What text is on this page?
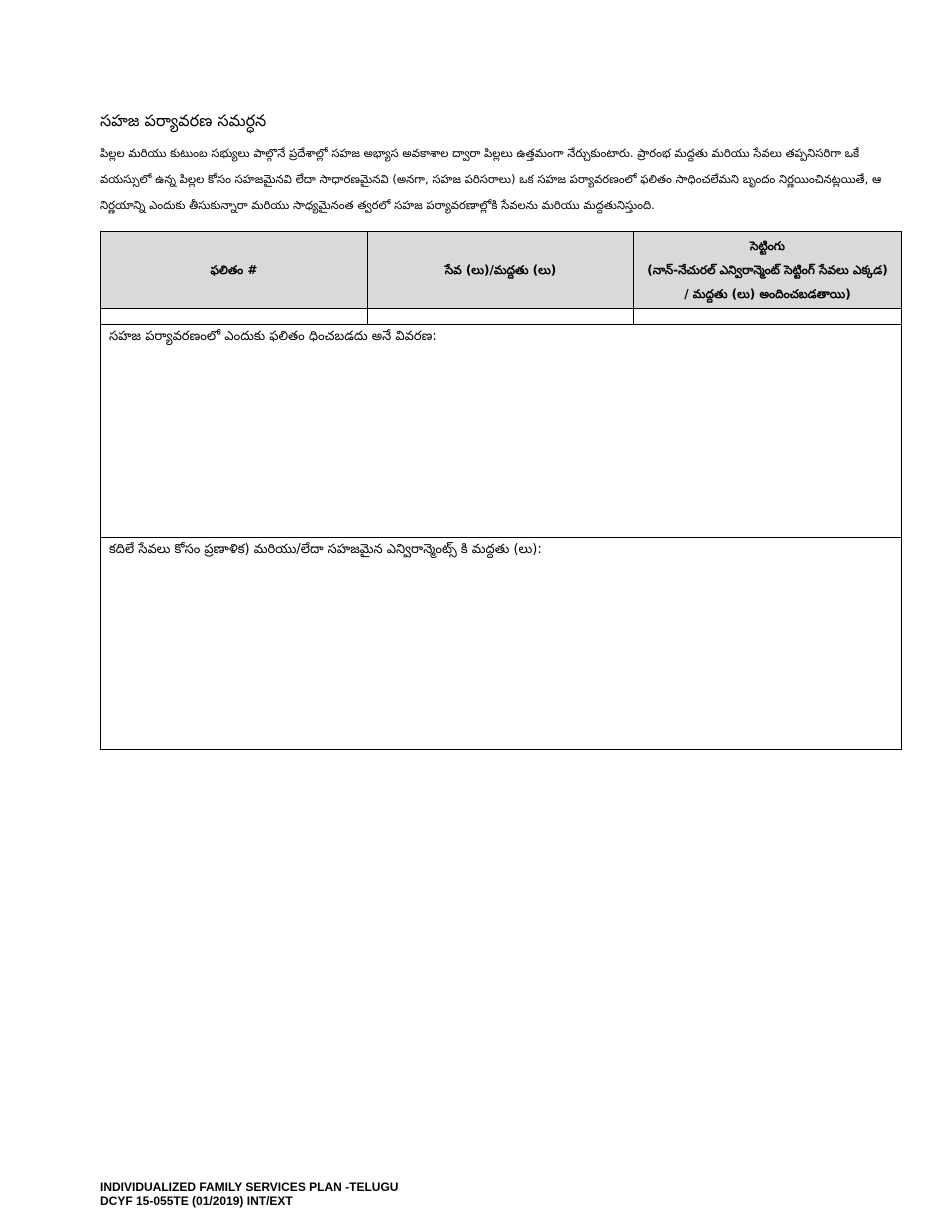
సహజ పర్యావరణ సమర్ధన

పిల్లల మరియు కుటుంబ సభ్యులు పాల్గొనే ప్రదేశాల్లో సహజ అభ్యాస అవకాశాల ద్వారా పిల్లలు ఉత్తమంగా నేర్చుకుంటారు. ప్రారంభ మద్దతు మరియు సేవలు తప్పనిసరిగా ఒకే వయస్సులో ఉన్న పిల్లల కోసం సహజమైనవి లేదా సాధారణమైనవి (అనగా, సహజ పరిసరాలు) ఒక సహజ పర్యావరణంలో ఫలితం సాధించలేమని బృందం నిర్ణయించినట్లయితే, ఆ నిర్ణయాన్ని ఎందుకు తీసుకున్నారా మరియు సాధ్యమైనంత త్వరలో సహజ పర్యావరణాల్లోకి సేవలను మరియు మద్దతునిస్తుంది.

ఫలితం #	సేవ (లు)/మద్దతు (లు)	సెట్టింగు
(నాన్-నేచురల్ ఎన్విరాన్మెంట్ సెట్టింగ్ సేవలు ఎక్కడ)
/ మద్దతు (లు) అందించబడతాయి)

సహజ పర్యావరణంలో ఎందుకు ఫలితం ధించబడదు అనే వివరణ:		

కదిలే సేవలు కోసం ప్రణాళిక) మరియు/లేదా సహజమైన ఎన్విరాన్మెంట్స్ కి మద్దతు (లు):		
INDIVIDUALIZED FAMILY SERVICES PLAN -TELUGU
DCYF 15-055TE (01/2019) INT/EXT
